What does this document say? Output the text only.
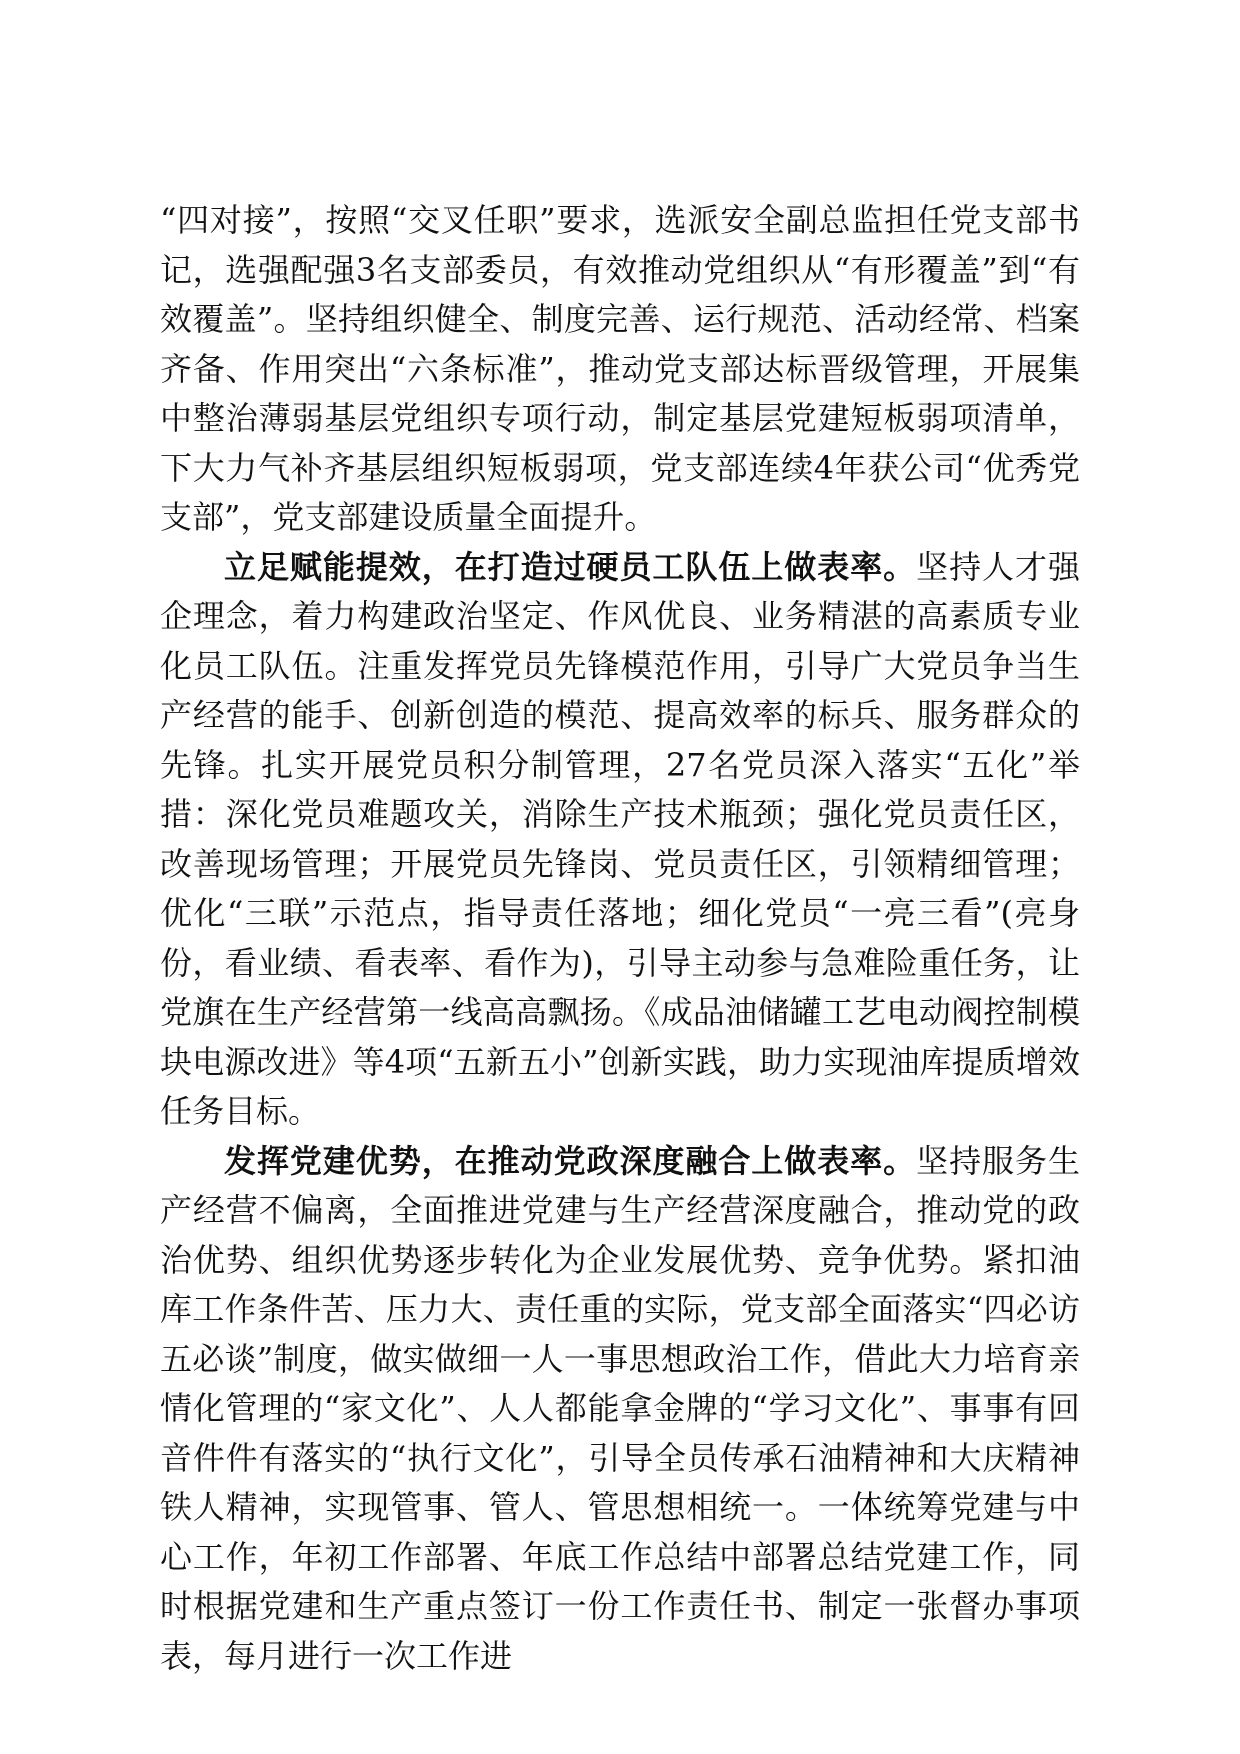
“四对接”，按照“交叉任职”要求，选派安全副总监担任党支部书记，选强配强3名支部委员，有效推动党组织从“有形覆盖”到“有效覆盖”。坚持组织健全、制度完善、运行规范、活动经常、档案齐备、作用突出“六条标准”，推动党支部达标晋级管理，开展集中整治薄弱基层党组织专项行动，制定基层党建短板弱项清单，下大力气补齐基层组织短板弱项，党支部连续4年获公司“优秀党支部”，党支部建设质量全面提升。

立足赋能提效，在打造过硬员工队伍上做表率。坚持人才强企理念，着力构建政治坚定、作风优良、业务精湛的高素质专业化员工队伍。注重发挥党员先锋模范作用，引导广大党员争当生产经营的能手、创新创造的模范、提高效率的标兵、服务群众的先锋。扎实开展党员积分制管理，27名党员深入落实“五化”举措：深化党员难题攻关，消除生产技术瓶颈；强化党员责任区，改善现场管理；开展党员先锋岗、党员责任区，引领精细管理；优化“三联”示范点，指导责任落地；细化党员“一亮三看”(亮身份，看业绩、看表率、看作为)，引导主动参与急难险重任务，让党旗在生产经营第一线高高飘扬。《成品油储罐工艺电动阀控制模块电源改进》等4项“五新五小”创新实践，助力实现油库提质增效任务目标。

发挥党建优势，在推动党政深度融合上做表率。坚持服务生产经营不偏离，全面推进党建与生产经营深度融合，推动党的政治优势、组织优势逐步转化为企业发展优势、竞争优势。紧扣油库工作条件苦、压力大、责任重的实际，党支部全面落实“四必访五必谈”制度，做实做细一人一事思想政治工作，借此大力培育亲情化管理的“家文化”、人人都能拿金牌的“学习文化”、事事有回音件件有落实的“执行文化”，引导全员传承石油精神和大庆精神铁人精神，实现管事、管人、管思想相统一。一体统筹党建与中心工作，年初工作部署、年底工作总结中部署总结党建工作，同时根据党建和生产重点签订一份工作责任书、制定一张督办事项表，每月进行一次工作进
